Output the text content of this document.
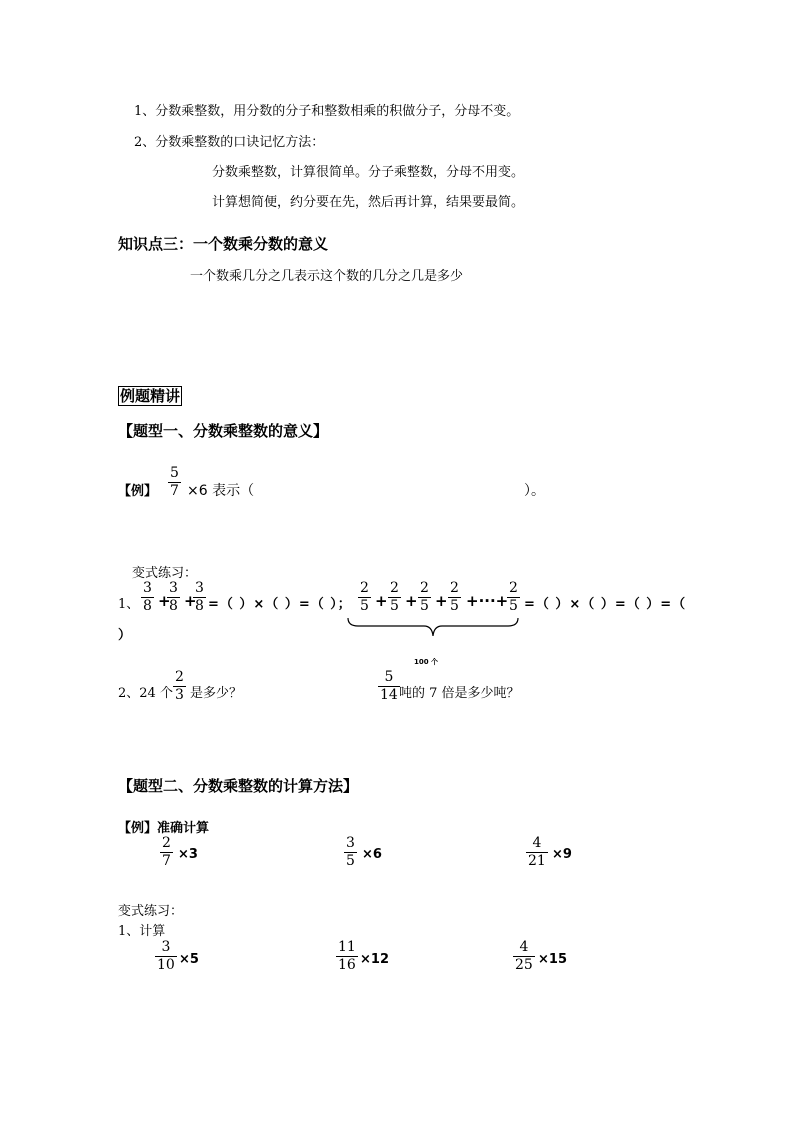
1、分数乘整数，用分数的分子和整数相乘的积做分子，分母不变。
2、分数乘整数的口诀记忆方法：
分数乘整数，计算很简单。分子乘整数，分母不用变。
计算想简便，约分要在先，然后再计算，结果要最简。
知识点三：一个数乘分数的意义
一个数乘几分之几表示这个数的几分之几是多少
例题精讲
【题型一、分数乘整数的意义】
【例】 $\frac{5}{7} \times 6$ 表示（	）。
变式练习：
1、 $\frac{3}{8}$ +
$\frac{3}{8}$ +
$\frac{3}{8}$ =（ ）×（ ）=（ ）； $\frac{2}{5} + \frac{2}{5} + \frac{2}{5} + \frac{2}{5}$ +···+
$\frac{2}{5}$ =（ ）×（ ）=（ ）=（
）
100 个
2、24 个 $\frac{2}{3}$ 是多少？	$\frac{5}{14}$ 吨的 7 倍是多少吨？
【题型二、分数乘整数的计算方法】
【例】准确计算
$\frac{2}{7} \times 3$	$\frac{3}{5} \times 6$	$\frac{4}{21} \times 9$
变式练习：
1、计算
$\frac{3}{10} \times 5$	$\frac{11}{16} \times 12$	$\frac{4}{25} \times 15$
